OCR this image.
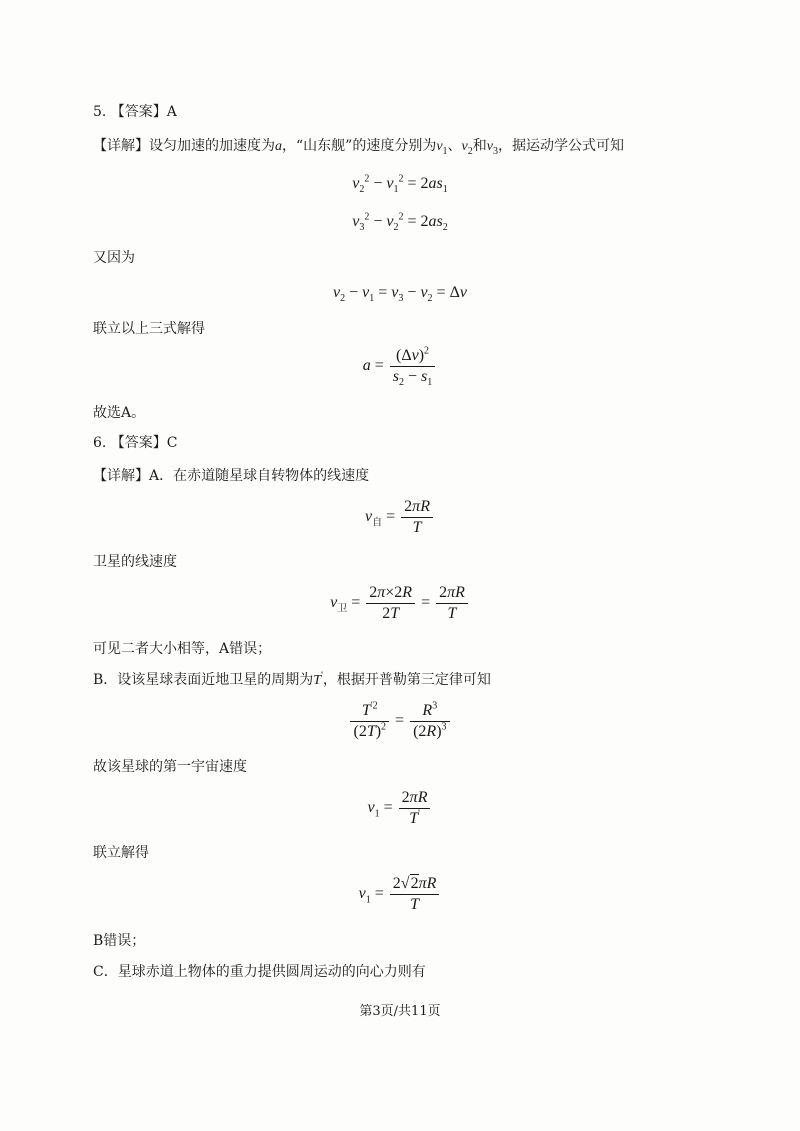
5. 【答案】A
【详解】设匀加速的加速度为a，“山东舰”的速度分别为$v_1$、$v_2$和$v_3$，据运动学公式可知
$v_2^2 - v_1^2 = 2as_1$
$v_3^2 - v_2^2 = 2as_2$
又因为
$v_2 - v_1 = v_3 - v_2 = \Delta v$
联立以上三式解得
$a = \frac{(\Delta v)^2}{s_2 - s_1}$
故选A。
6. 【答案】C
【详解】A．在赤道随星球自转物体的线速度
$v_自 = \frac{2\pi R}{T}$
卫星的线速度
$v_卫 = \frac{2\pi\times 2R}{2T} = \frac{2\pi R}{T}$
可见二者大小相等，A错误；
B．设该星球表面近地卫星的周期为T'，根据开普勒第三定律可知
$\frac{T^{'2}}{(2T)^2} = \frac{R^3}{(2R)^3}$
故该星球的第一宇宙速度
$v_1 = \frac{2\pi R}{T'}$
联立解得
$v_1 = \frac{2√2\pi R}{T}$
B错误；
C．星球赤道上物体的重力提供圆周运动的向心力则有
第3页/共11页
